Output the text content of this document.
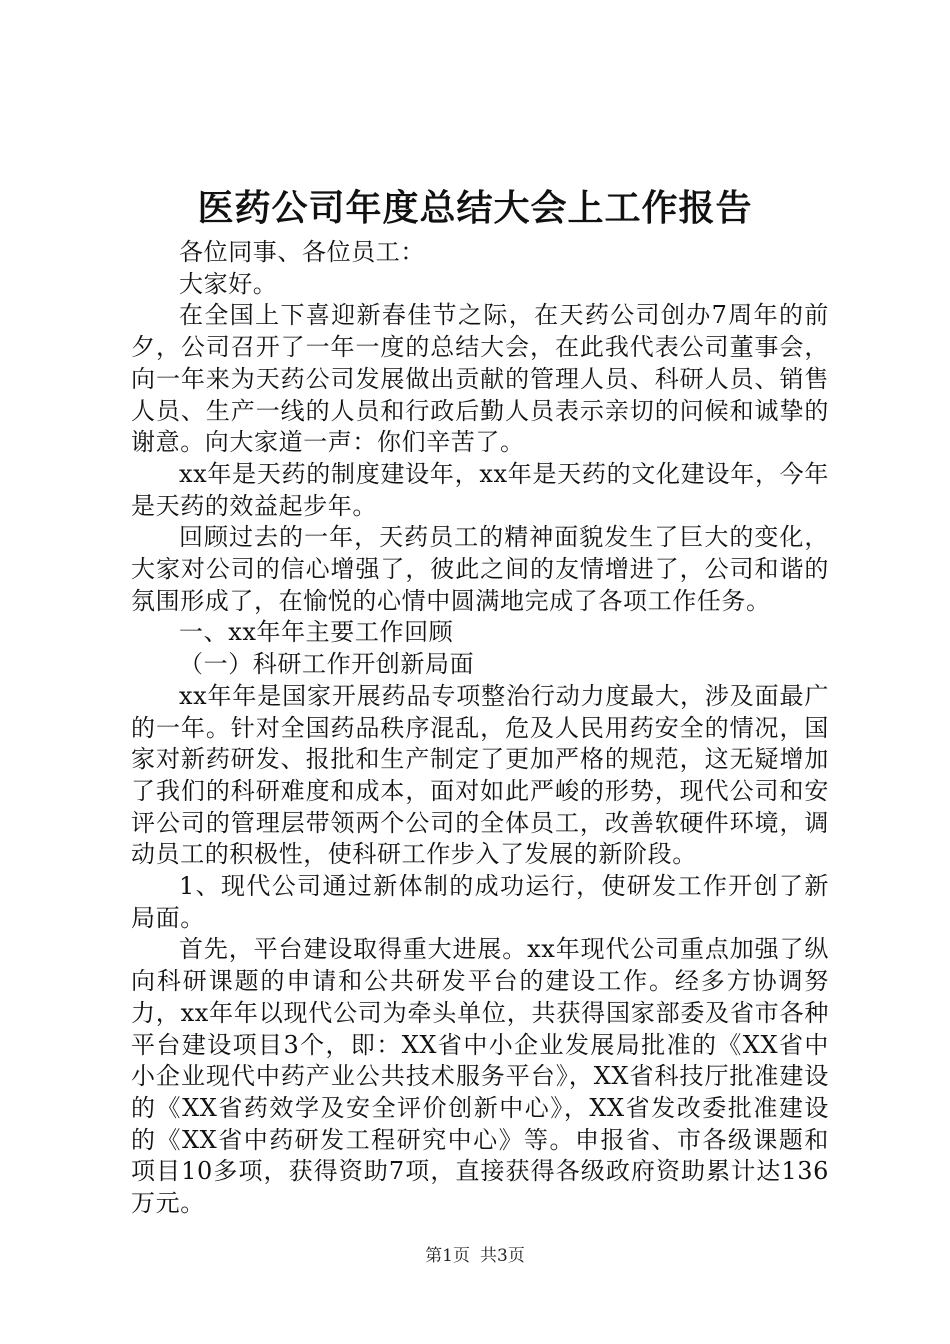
医药公司年度总结大会上工作报告

各位同事、各位员工：

大家好。

在全国上下喜迎新春佳节之际，在天药公司创办7周年的前夕，公司召开了一年一度的总结大会，在此我代表公司董事会，向一年来为天药公司发展做出贡献的管理人员、科研人员、销售人员、生产一线的人员和行政后勤人员表示亲切的问候和诚挚的谢意。向大家道一声：你们辛苦了。

xx年是天药的制度建设年，xx年是天药的文化建设年，今年是天药的效益起步年。

回顾过去的一年，天药员工的精神面貌发生了巨大的变化，大家对公司的信心增强了，彼此之间的友情增进了，公司和谐的氛围形成了，在愉悦的心情中圆满地完成了各项工作任务。

一、xx年年主要工作回顾

（一）科研工作开创新局面

xx年年是国家开展药品专项整治行动力度最大，涉及面最广的一年。针对全国药品秩序混乱，危及人民用药安全的情况，国家对新药研发、报批和生产制定了更加严格的规范，这无疑增加了我们的科研难度和成本，面对如此严峻的形势，现代公司和安评公司的管理层带领两个公司的全体员工，改善软硬件环境，调动员工的积极性，使科研工作步入了发展的新阶段。

1、现代公司通过新体制的成功运行，使研发工作开创了新局面。

首先，平台建设取得重大进展。xx年现代公司重点加强了纵向科研课题的申请和公共研发平台的建设工作。经多方协调努力，xx年年以现代公司为牵头单位，共获得国家部委及省市各种平台建设项目3个，即：XX省中小企业发展局批准的《XX省中小企业现代中药产业公共技术服务平台》，XX省科技厅批准建设的《XX省药效学及安全评价创新中心》，XX省发改委批准建设的《XX省中药研发工程研究中心》等。申报省、市各级课题和项目10多项，获得资助7项，直接获得各级政府资助累计达136万元。

第1页 共3页
